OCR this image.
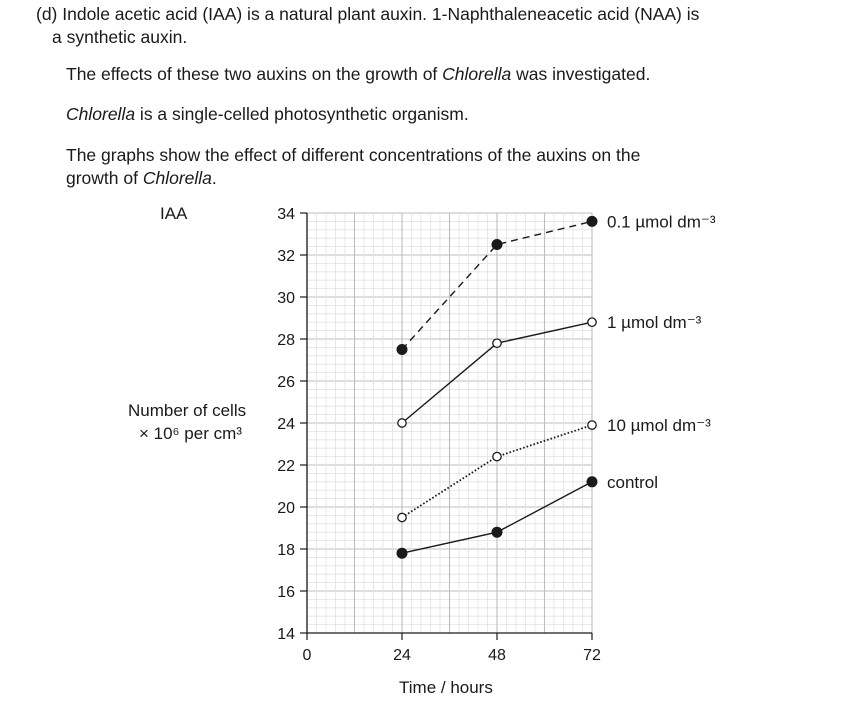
(d) Indole acetic acid (IAA) is a natural plant auxin. 1-Naphthaleneacetic acid (NAA) is
a synthetic auxin.
The effects of these two auxins on the growth of Chlorella was investigated.
Chlorella is a single-celled photosynthetic organism.
The graphs show the effect of different concentrations of the auxins on the
growth of Chlorella.
IAA
Number of cells
× 10⁶ per cm³
Time / hours
14
16
18
20
22
24
26
28
30
32
34
0	24	48	72
0.1 µmol dm⁻³
1 µmol dm⁻³
10 µmol dm⁻³
control
